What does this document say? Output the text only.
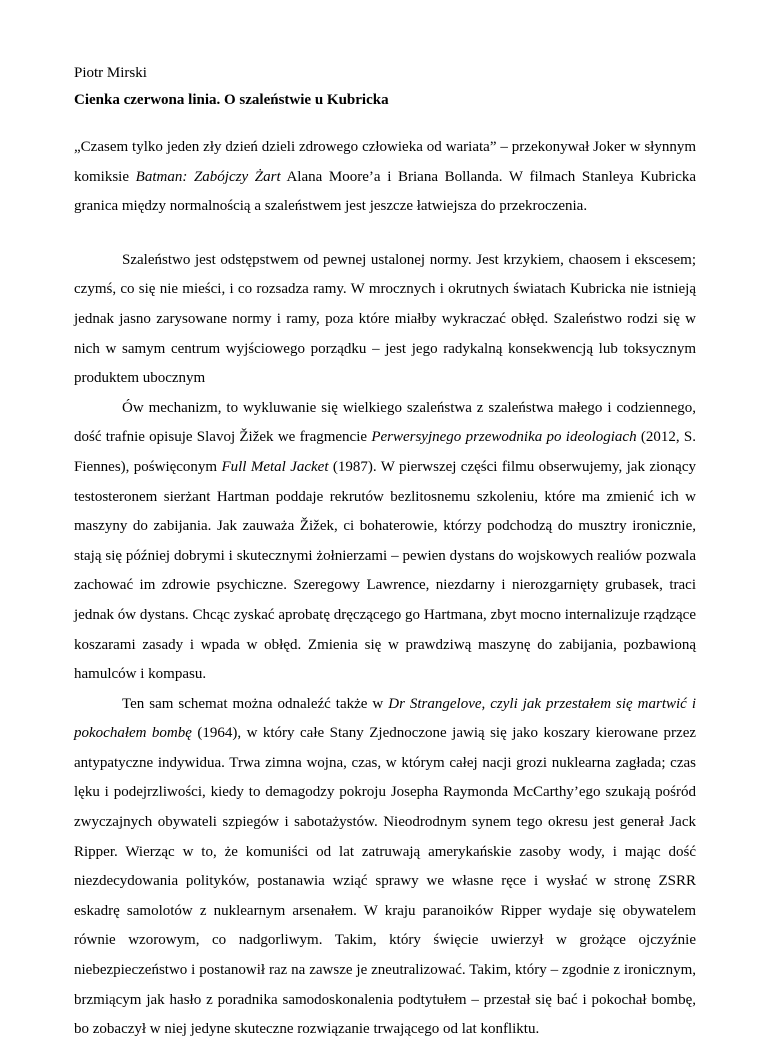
Piotr Mirski

Cienka czerwona linia. O szaleństwie u Kubricka

„Czasem tylko jeden zły dzień dzieli zdrowego człowieka od wariata” – przekonywał Joker w słynnym komiksie Batman: Zabójczy Żart Alana Moore’a i Briana Bollanda. W filmach Stanleya Kubricka granica między normalnością a szaleństwem jest jeszcze łatwiejsza do przekroczenia.

Szaleństwo jest odstępstwem od pewnej ustalonej normy. Jest krzykiem, chaosem i ekscesem; czymś, co się nie mieści, i co rozsadza ramy. W mrocznych i okrutnych światach Kubricka nie istnieją jednak jasno zarysowane normy i ramy, poza które miałby wykraczać obłęd. Szaleństwo rodzi się w nich w samym centrum wyjściowego porządku – jest jego radykalną konsekwencją lub toksycznym produktem ubocznym

Ów mechanizm, to wykluwanie się wielkiego szaleństwa z szaleństwa małego i codziennego, dość trafnie opisuje Slavoj Žižek we fragmencie Perwersyjnego przewodnika po ideologiach (2012, S. Fiennes), poświęconym Full Metal Jacket (1987). W pierwszej części filmu obserwujemy, jak zionący testosteronem sierżant Hartman poddaje rekrutów bezlitosnemu szkoleniu, które ma zmienić ich w maszyny do zabijania. Jak zauważa Žižek, ci bohaterowie, którzy podchodzą do musztry ironicznie, stają się później dobrymi i skutecznymi żołnierzami – pewien dystans do wojskowych realiów pozwala zachować im zdrowie psychiczne. Szeregowy Lawrence, niezdarny i nierozgarnięty grubasek, traci jednak ów dystans. Chcąc zyskać aprobatę dręczącego go Hartmana, zbyt mocno internalizuje rządzące koszarami zasady i wpada w obłęd. Zmienia się w prawdziwą maszynę do zabijania, pozbawioną hamulców i kompasu.

Ten sam schemat można odnaleźć także w Dr Strangelove, czyli jak przestałem się martwić i pokochałem bombę (1964), w który całe Stany Zjednoczone jawią się jako koszary kierowane przez antypatyczne indywidua. Trwa zimna wojna, czas, w którym całej nacji grozi nuklearna zagłada; czas lęku i podejrzliwości, kiedy to demagodzy pokroju Josepha Raymonda McCarthy’ego szukają pośród zwyczajnych obywateli szpiegów i sabotażystów. Nieodrodnym synem tego okresu jest generał Jack Ripper. Wierząc w to, że komuniści od lat zatruwają amerykańskie zasoby wody, i mając dość niezdecydowania polityków, postanawia wziąć sprawy we własne ręce i wysłać w stronę ZSRR eskadrę samolotów z nuklearnym arsenałem. W kraju paranoików Ripper wydaje się obywatelem równie wzorowym, co nadgorliwym. Takim, który święcie uwierzył w grożące ojczyźnie niebezpieczeństwo i postanowił raz na zawsze je zneutralizować. Takim, który – zgodnie z ironicznym, brzmiącym jak hasło z poradnika samodoskonalenia podtytułem – przestał się bać i pokochał bombę, bo zobaczył w niej jedyne skuteczne rozwiązanie trwającego od lat konfliktu.
